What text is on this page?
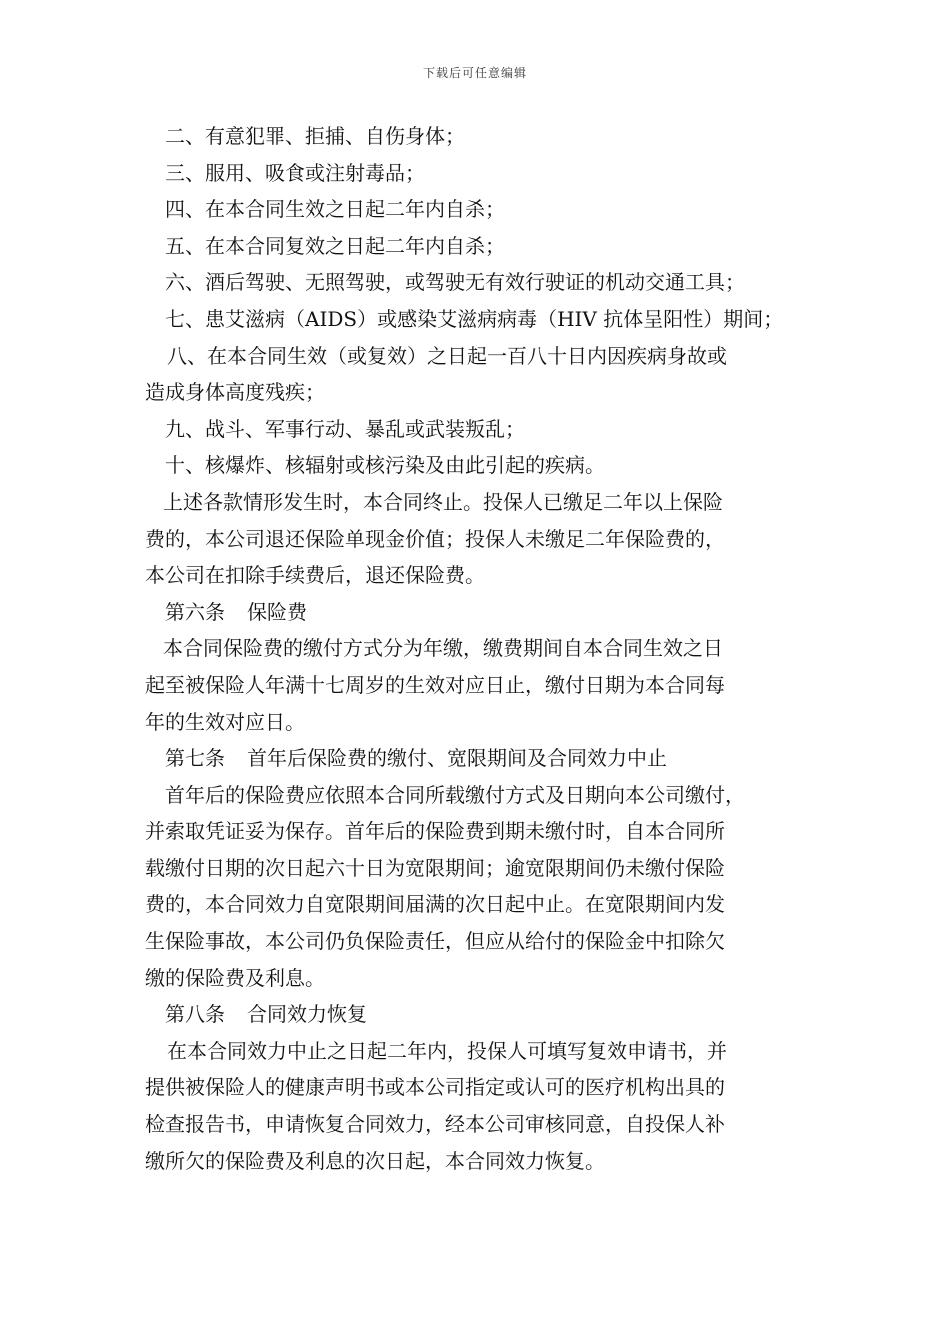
下载后可任意编辑
二、有意犯罪、拒捕、自伤身体；
三、服用、吸食或注射毒品；
四、在本合同生效之日起二年内自杀；
五、在本合同复效之日起二年内自杀；
六、酒后驾驶、无照驾驶，或驾驶无有效行驶证的机动交通工具；
七、患艾滋病（AIDS）或感染艾滋病病毒（HIV 抗体呈阳性）期间；
八、在本合同生效（或复效）之日起一百八十日内因疾病身故或
造成身体高度残疾；
九、战斗、军事行动、暴乱或武装叛乱；
十、核爆炸、核辐射或核污染及由此引起的疾病。
上述各款情形发生时，本合同终止。投保人已缴足二年以上保险
费的，本公司退还保险单现金价值；投保人未缴足二年保险费的，
本公司在扣除手续费后，退还保险费。
第六条 保险费
本合同保险费的缴付方式分为年缴，缴费期间自本合同生效之日
起至被保险人年满十七周岁的生效对应日止，缴付日期为本合同每
年的生效对应日。
第七条 首年后保险费的缴付、宽限期间及合同效力中止
首年后的保险费应依照本合同所载缴付方式及日期向本公司缴付，
并索取凭证妥为保存。首年后的保险费到期未缴付时，自本合同所
载缴付日期的次日起六十日为宽限期间；逾宽限期间仍未缴付保险
费的，本合同效力自宽限期间届满的次日起中止。在宽限期间内发
生保险事故，本公司仍负保险责任，但应从给付的保险金中扣除欠
缴的保险费及利息。
第八条 合同效力恢复
在本合同效力中止之日起二年内，投保人可填写复效申请书，并
提供被保险人的健康声明书或本公司指定或认可的医疗机构出具的
检查报告书，申请恢复合同效力，经本公司审核同意，自投保人补
缴所欠的保险费及利息的次日起，本合同效力恢复。
